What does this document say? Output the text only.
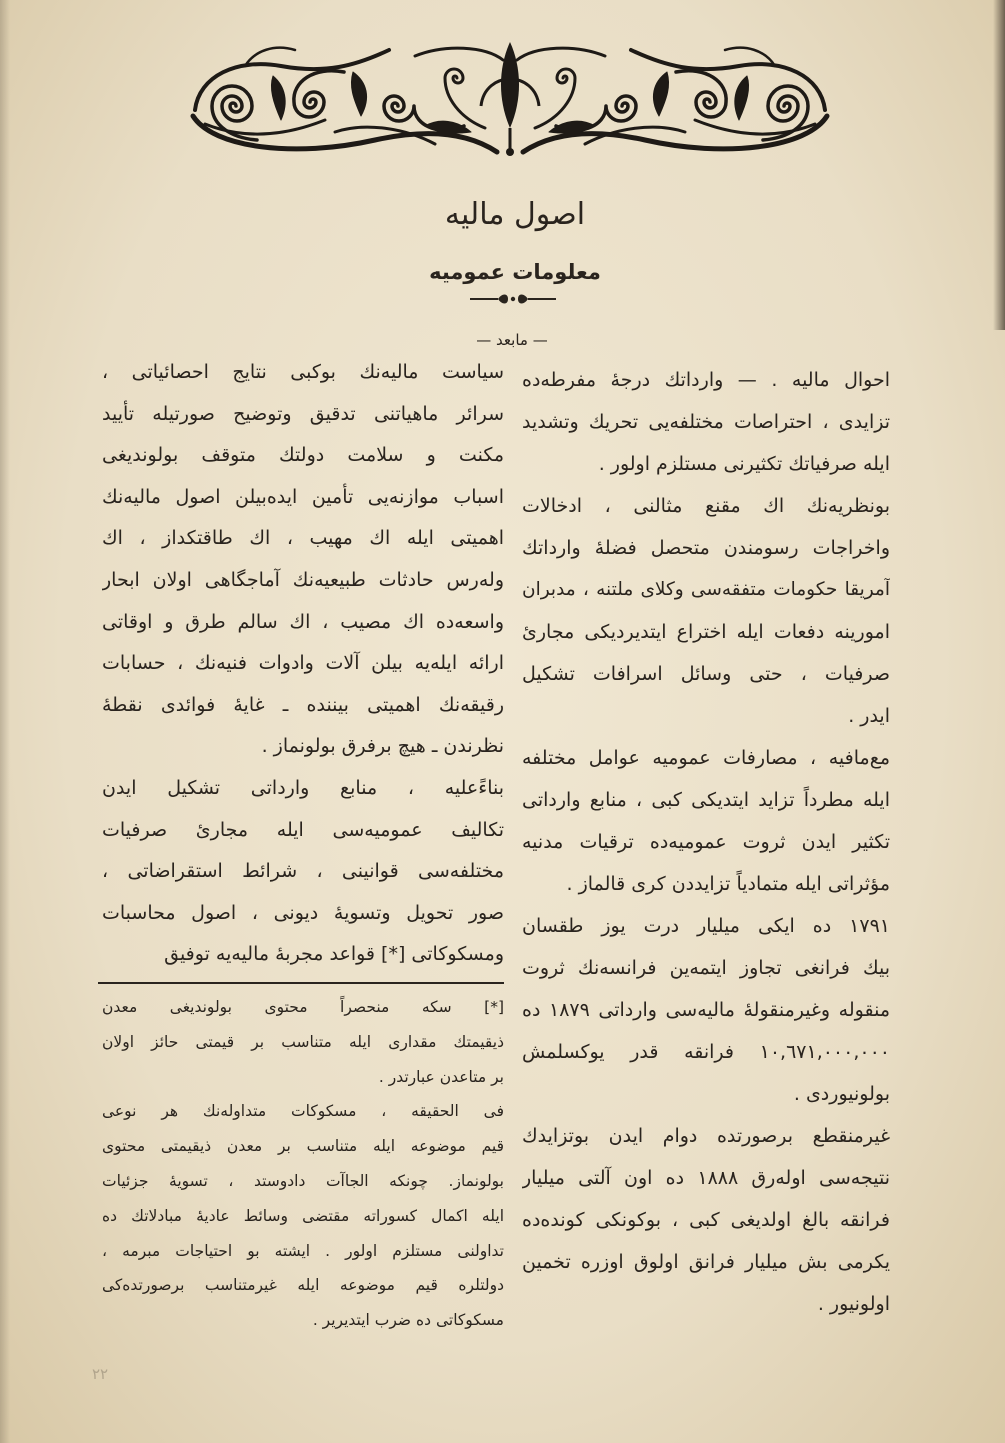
اصول مالیه
معلومات عمومیه
— مابعد —
احوال مالیه . — وارداتك درجهٔ مفرطه‌ده
تزایدی ، احتراصات مختلفه‌یی تحریك وتشدید
ایله صرفیاتك تكثیرنی مستلزم اولور .
بونظریه‌نك اك مقنع مثالنی ، ادخالات
واخراجات رسومندن متحصل فضلهٔ وارداتك
آمریقا حكومات متفقه‌سی وكلای ملتنه ، مدبران
امورینه دفعات ایله اختراع ایتدیردیكی مجاریٔ
صرفیات ، حتی وسائل اسرافات تشكیل
ایدر .
مع‌مافیه ، مصارفات عمومیه عوامل مختلفه
ایله مطرداً تزاید ایتدیكی كبی ، منابع وارداتی
تكثیر ایدن ثروت عمومیه‌ده ترقیات مدنیه
مؤثراتی ایله متمادیاً تزایددن كری قالماز .
١٧٩١ ده ایكی میلیار درت یوز طقسان
بیك فرانغی تجاوز ایتمه‌ین فرانسه‌نك ثروت
منقوله وغیرمنقولهٔ مالیه‌سی وارداتی ١٨٧٩ ده
١٠,٦٧١,٠٠٠,٠٠٠ فرانقه قدر یوكسلمش
بولونیوردی .
غیرمنقطع برصورتده دوام ایدن بوتزایدك
نتیجه‌سی اوله‌رق ١٨٨٨ ده اون آلتی میلیار
فرانقه بالغ اولدیغی كبی ، بوكونكی كونده‌ده
یكرمی بش میلیار فرانق اولوق اوزره تخمین
اولونیور .
سیاست مالیه‌نك بوكبی نتایج احصائیاتی ،
سرائر ماهیاتنی تدقیق وتوضیح صورتیله تأیید
مكنت و سلامت دولتك متوقف بولوندیغی
اسباب موازنه‌یی تأمین ایده‌بیلن اصول مالیه‌نك
اهمیتی ایله اك مهیب ، اك طاقتكداز ، اك
وله‌رس حادثات طبیعیه‌نك آماجگاهی اولان ابحار
واسعه‌ده اك مصیب ، اك سالم طرق و اوقاتی
ارائه ایله‌یه بیلن آلات وادوات فنیه‌نك ، حسابات
رقیقه‌نك اهمیتی بیننده ـ غایهٔ فوائدی نقطهٔ
نظرندن ـ هیچ برفرق بولونماز .
بناءًعلیه ، منابع وارداتی تشكیل ایدن
تكالیف عمومیه‌سی ایله مجاریٔ صرفیات
مختلفه‌سی قوانینی ، شرائط استقراضاتی ،
صور تحویل وتسویهٔ دیونی ، اصول محاسبات
ومسكوكاتی [*] قواعد مجربهٔ مالیه‌یه توفیق
[*] سكه منحصراً محتوی بولوندیغی معدن
ذیقیمتك مقداری ایله متناسب بر قیمتی حائز اولان
بر متاعدن عبارتدر .
فی الحقیقه ، مسكوكات متداوله‌نك هر نوعی
قیم موضوعه ایله متناسب بر معدن ذیقیمتی محتوی
بولونماز. چونكه الجاآت دادوستد ، تسویهٔ جزئیات
ایله اكمال كسوراته مقتضی وسائط عادیهٔ مبادلاتك ده
تداولنی مستلزم اولور . ایشته بو احتیاجات مبرمه ،
دولتلره قیم موضوعه ایله غیرمتناسب برصورتده‌كی
مسكوكاتی ده ضرب ایتدیریر .
٢٢
